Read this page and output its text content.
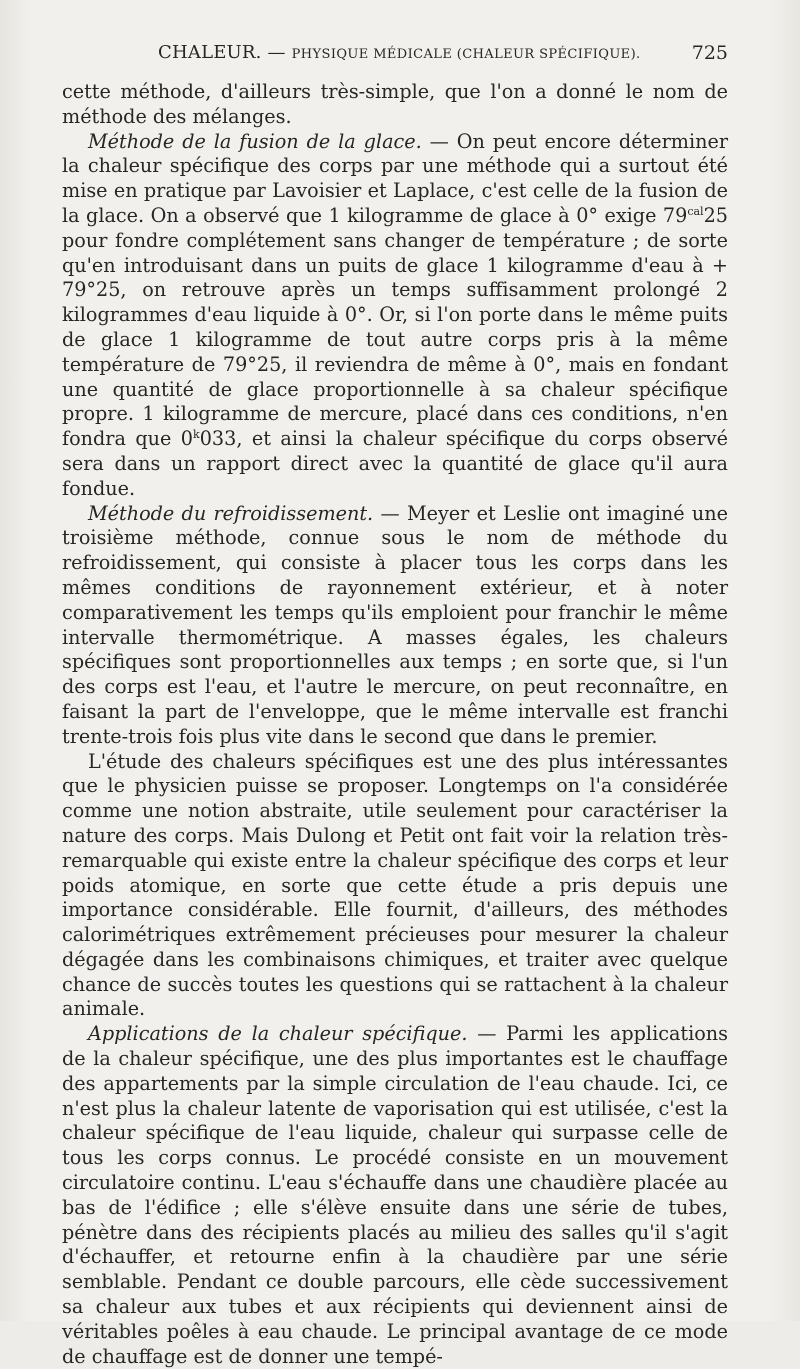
CHALEUR. — PHYSIQUE MÉDICALE (CHALEUR SPÉCIFIQUE).	725

cette méthode, d'ailleurs très-simple, que l'on a donné le nom de méthode des mélanges.

Méthode de la fusion de la glace. — On peut encore déterminer la chaleur spécifique des corps par une méthode qui a surtout été mise en pratique par Lavoisier et Laplace, c'est celle de la fusion de la glace. On a observé que 1 kilogramme de glace à 0° exige $79^{cal}25$ pour fondre complétement sans changer de température ; de sorte qu'en introduisant dans un puits de glace 1 kilogramme d'eau à + 79°25, on retrouve après un temps suffisamment prolongé 2 kilogrammes d'eau liquide à 0°. Or, si l'on porte dans le même puits de glace 1 kilogramme de tout autre corps pris à la même température de 79°25, il reviendra de même à 0°, mais en fondant une quantité de glace proportionnelle à sa chaleur spécifique propre. 1 kilogramme de mercure, placé dans ces conditions, n'en fondra que 0$^k$033, et ainsi la chaleur spécifique du corps observé sera dans un rapport direct avec la quantité de glace qu'il aura fondue.

Méthode du refroidissement. — Meyer et Leslie ont imaginé une troisième méthode, connue sous le nom de méthode du refroidissement, qui consiste à placer tous les corps dans les mêmes conditions de rayonnement extérieur, et à noter comparativement les temps qu'ils emploient pour franchir le même intervalle thermométrique. A masses égales, les chaleurs spécifiques sont proportionnelles aux temps ; en sorte que, si l'un des corps est l'eau, et l'autre le mercure, on peut reconnaître, en faisant la part de l'enveloppe, que le même intervalle est franchi trente-trois fois plus vite dans le second que dans le premier.

L'étude des chaleurs spécifiques est une des plus intéressantes que le physicien puisse se proposer. Longtemps on l'a considérée comme une notion abstraite, utile seulement pour caractériser la nature des corps. Mais Dulong et Petit ont fait voir la relation très-remarquable qui existe entre la chaleur spécifique des corps et leur poids atomique, en sorte que cette étude a pris depuis une importance considérable. Elle fournit, d'ailleurs, des méthodes calorimétriques extrêmement précieuses pour mesurer la chaleur dégagée dans les combinaisons chimiques, et traiter avec quelque chance de succès toutes les questions qui se rattachent à la chaleur animale.

Applications de la chaleur spécifique. — Parmi les applications de la chaleur spécifique, une des plus importantes est le chauffage des appartements par la simple circulation de l'eau chaude. Ici, ce n'est plus la chaleur latente de vaporisation qui est utilisée, c'est la chaleur spécifique de l'eau liquide, chaleur qui surpasse celle de tous les corps connus. Le procédé consiste en un mouvement circulatoire continu. L'eau s'échauffe dans une chaudière placée au bas de l'édifice ; elle s'élève ensuite dans une série de tubes, pénètre dans des récipients placés au milieu des salles qu'il s'agit d'échauffer, et retourne enfin à la chaudière par une série semblable. Pendant ce double parcours, elle cède successivement sa chaleur aux tubes et aux récipients qui deviennent ainsi de véritables poêles à eau chaude. Le principal avantage de ce mode de chauffage est de donner une tempé-
